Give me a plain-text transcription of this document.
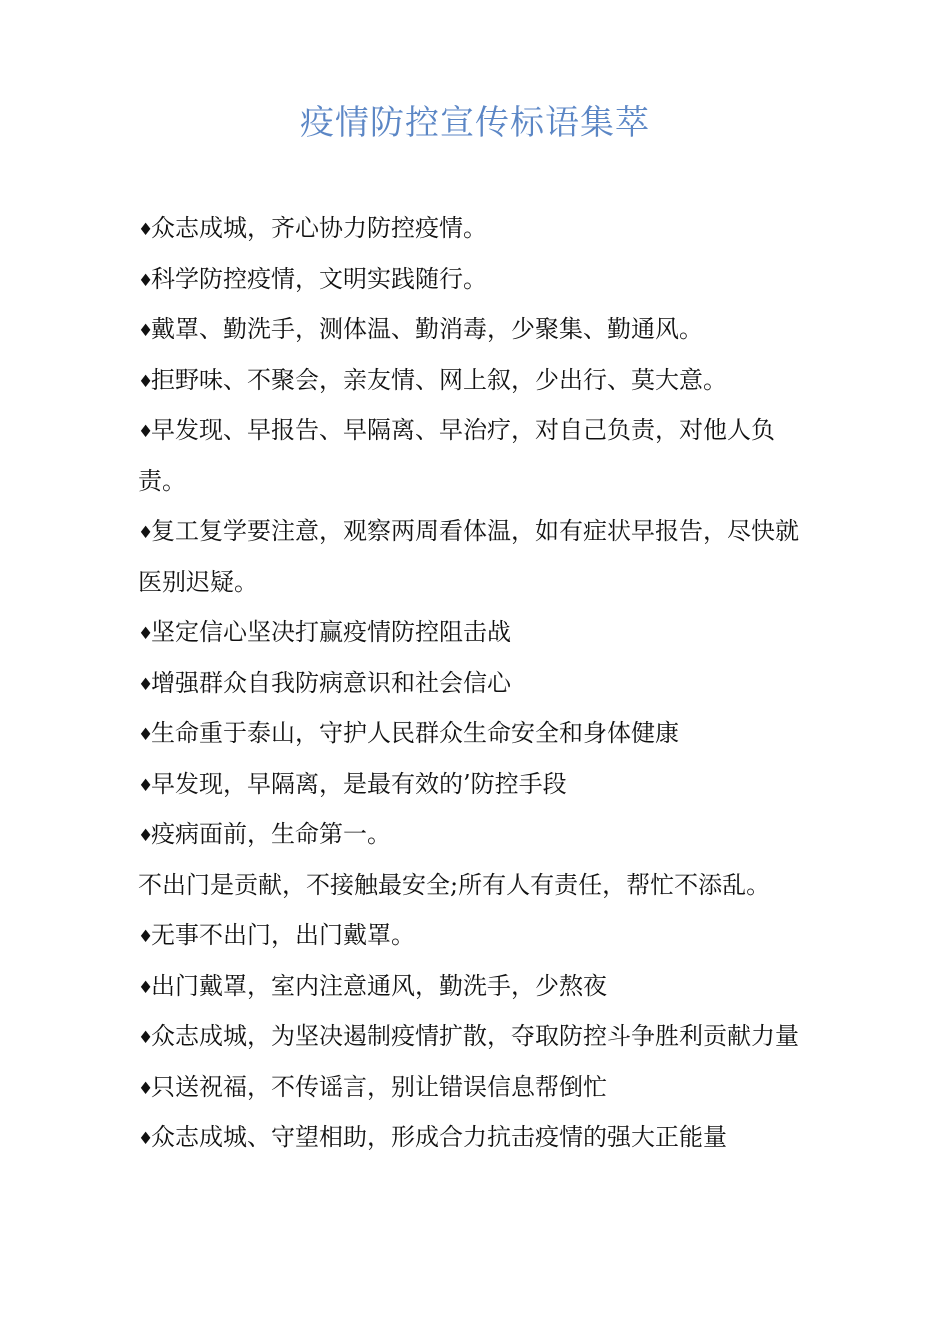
疫情防控宣传标语集萃
♦众志成城，齐心协力防控疫情。
♦科学防控疫情，文明实践随行。
♦戴罩、勤洗手，测体温、勤消毒，少聚集、勤通风。
♦拒野味、不聚会，亲友情、网上叙，少出行、莫大意。
♦早发现、早报告、早隔离、早治疗，对自己负责，对他人负
责。
♦复工复学要注意，观察两周看体温，如有症状早报告，尽快就
医别迟疑。
♦坚定信心坚决打赢疫情防控阻击战
♦增强群众自我防病意识和社会信心
♦生命重于泰山，守护人民群众生命安全和身体健康
♦早发现，早隔离，是最有效的’防控手段
♦疫病面前，生命第一。
不出门是贡献，不接触最安全;所有人有责任，帮忙不添乱。
♦无事不出门，出门戴罩。
♦出门戴罩，室内注意通风，勤洗手，少熬夜
♦众志成城，为坚决遏制疫情扩散，夺取防控斗争胜利贡献力量
♦只送祝福，不传谣言，别让错误信息帮倒忙
♦众志成城、守望相助，形成合力抗击疫情的强大正能量
